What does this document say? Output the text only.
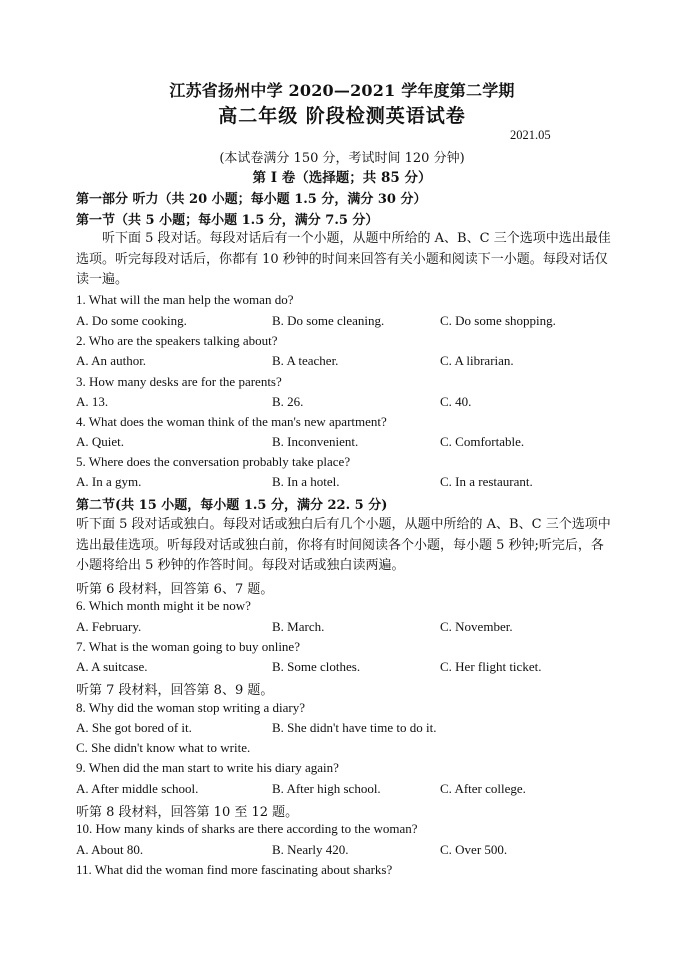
江苏省扬州中学 2020—2021 学年度第二学期
高二年级 阶段检测英语试卷
2021.05
(本试卷满分 150 分，考试时间 120 分钟)
第 I 卷（选择题；共 85 分）
第一部分 听力（共 20 小题；每小题 1.5 分，满分 30 分）
第一节（共 5 小题；每小题 1.5 分，满分 7.5 分）
听下面 5 段对话。每段对话后有一个小题，从题中所给的 A、B、C 三个选项中选出最佳选项。听完每段对话后，你都有 10 秒钟的时间来回答有关小题和阅读下一小题。每段对话仅读一遍。
1. What will the man help the woman do?
A. Do some cooking.	B. Do some cleaning.	C. Do some shopping.
2. Who are the speakers talking about?
A. An author.	B. A teacher.	C. A librarian.
3. How many desks are for the parents?
A. 13.	B. 26.	C. 40.
4. What does the woman think of the man's new apartment?
A. Quiet.	B. Inconvenient.	C. Comfortable.
5. Where does the conversation probably take place?
A. In a gym.	B. In a hotel.	C. In a restaurant.
第二节(共 15 小题，每小题 1.5 分，满分 22. 5 分)
听下面 5 段对话或独白。每段对话或独白后有几个小题，从题中所给的 A、B、C 三个选项中选出最佳选项。听每段对话或独白前，你将有时间阅读各个小题，每小题 5 秒钟;听完后，各小题将给出 5 秒钟的作答时间。每段对话或独白读两遍。
听第 6 段材料，回答第 6、7 题。
6. Which month might it be now?
A. February.	B. March.	C. November.
7. What is the woman going to buy online?
A. A suitcase.	B. Some clothes.	C. Her flight ticket.
听第 7 段材料，回答第 8、9 题。
8. Why did the woman stop writing a diary?
A. She got bored of it.	B. She didn't have time to do it.
C. She didn't know what to write.
9. When did the man start to write his diary again?
A. After middle school.	B. After high school.	C. After college.
听第 8 段材料，回答第 10 至 12 题。
10. How many kinds of sharks are there according to the woman?
A. About 80.	B. Nearly 420.	C. Over 500.
11. What did the woman find more fascinating about sharks?
